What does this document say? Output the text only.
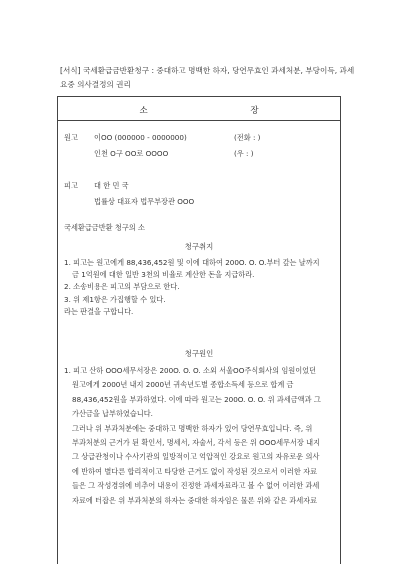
[서식] 국세환급금반환청구 : 중대하고 명백한 하자, 당연무효인 과세처분, 부당이득, 과세요중 의사결정의 권리
소 장
원고 이OO (000000 - 0000000)	(전화 : )
인천 O구 OO로 OOOO	(우 : )
피고 대 한 민 국
법률상 대표자 법무부장관 OOO
국세환급금반환 청구의 소
청구취지

1. 피고는 원고에게 88,436,452원 및 이에 대하여 200O. O. O.부터 갚는 날까지

금 1억원에 대한 일반 3천의 비율로 계산한 돈을 지급하라.

2. 소송비용은 피고의 부담으로 한다.

3. 위 제1항은 가집행할 수 있다.

라는 판결을 구합니다.

청구원인

1. 피고 산하 OOO세무서장은 200O. O. O. 소외 서울OO주식회사의 임원이었던

원고에게 2000년 내지 2000년 귀속년도별 종합소득세 등으로 합계 금

88,436,452원을 부과하였다. 이에 따라 원고는 200O. O. O. 위 과세금액과 그

가산금을 납부하였습니다.

그러나 위 부과처분에는 중대하고 명백한 하자가 있어 당연무효입니다. 즉, 위

부과처분의 근거가 된 확인서, 명세서, 자술서, 각서 등은 위 OOO세무서장 내지

그 상급관청이나 수사기관의 일방적이고 억압적인 강요로 원고의 자유로운 의사

에 반하여 별다른 합리적이고 타당한 근거도 없이 작성된 것으로서 이러한 자료

들은 그 작성경위에 비추어 내용이 진정한 과세자료라고 볼 수 없어 이러한 과세

자료에 터잡은 위 부과처분의 하자는 중대한 하자임은 물론 위와 같은 과세자료
